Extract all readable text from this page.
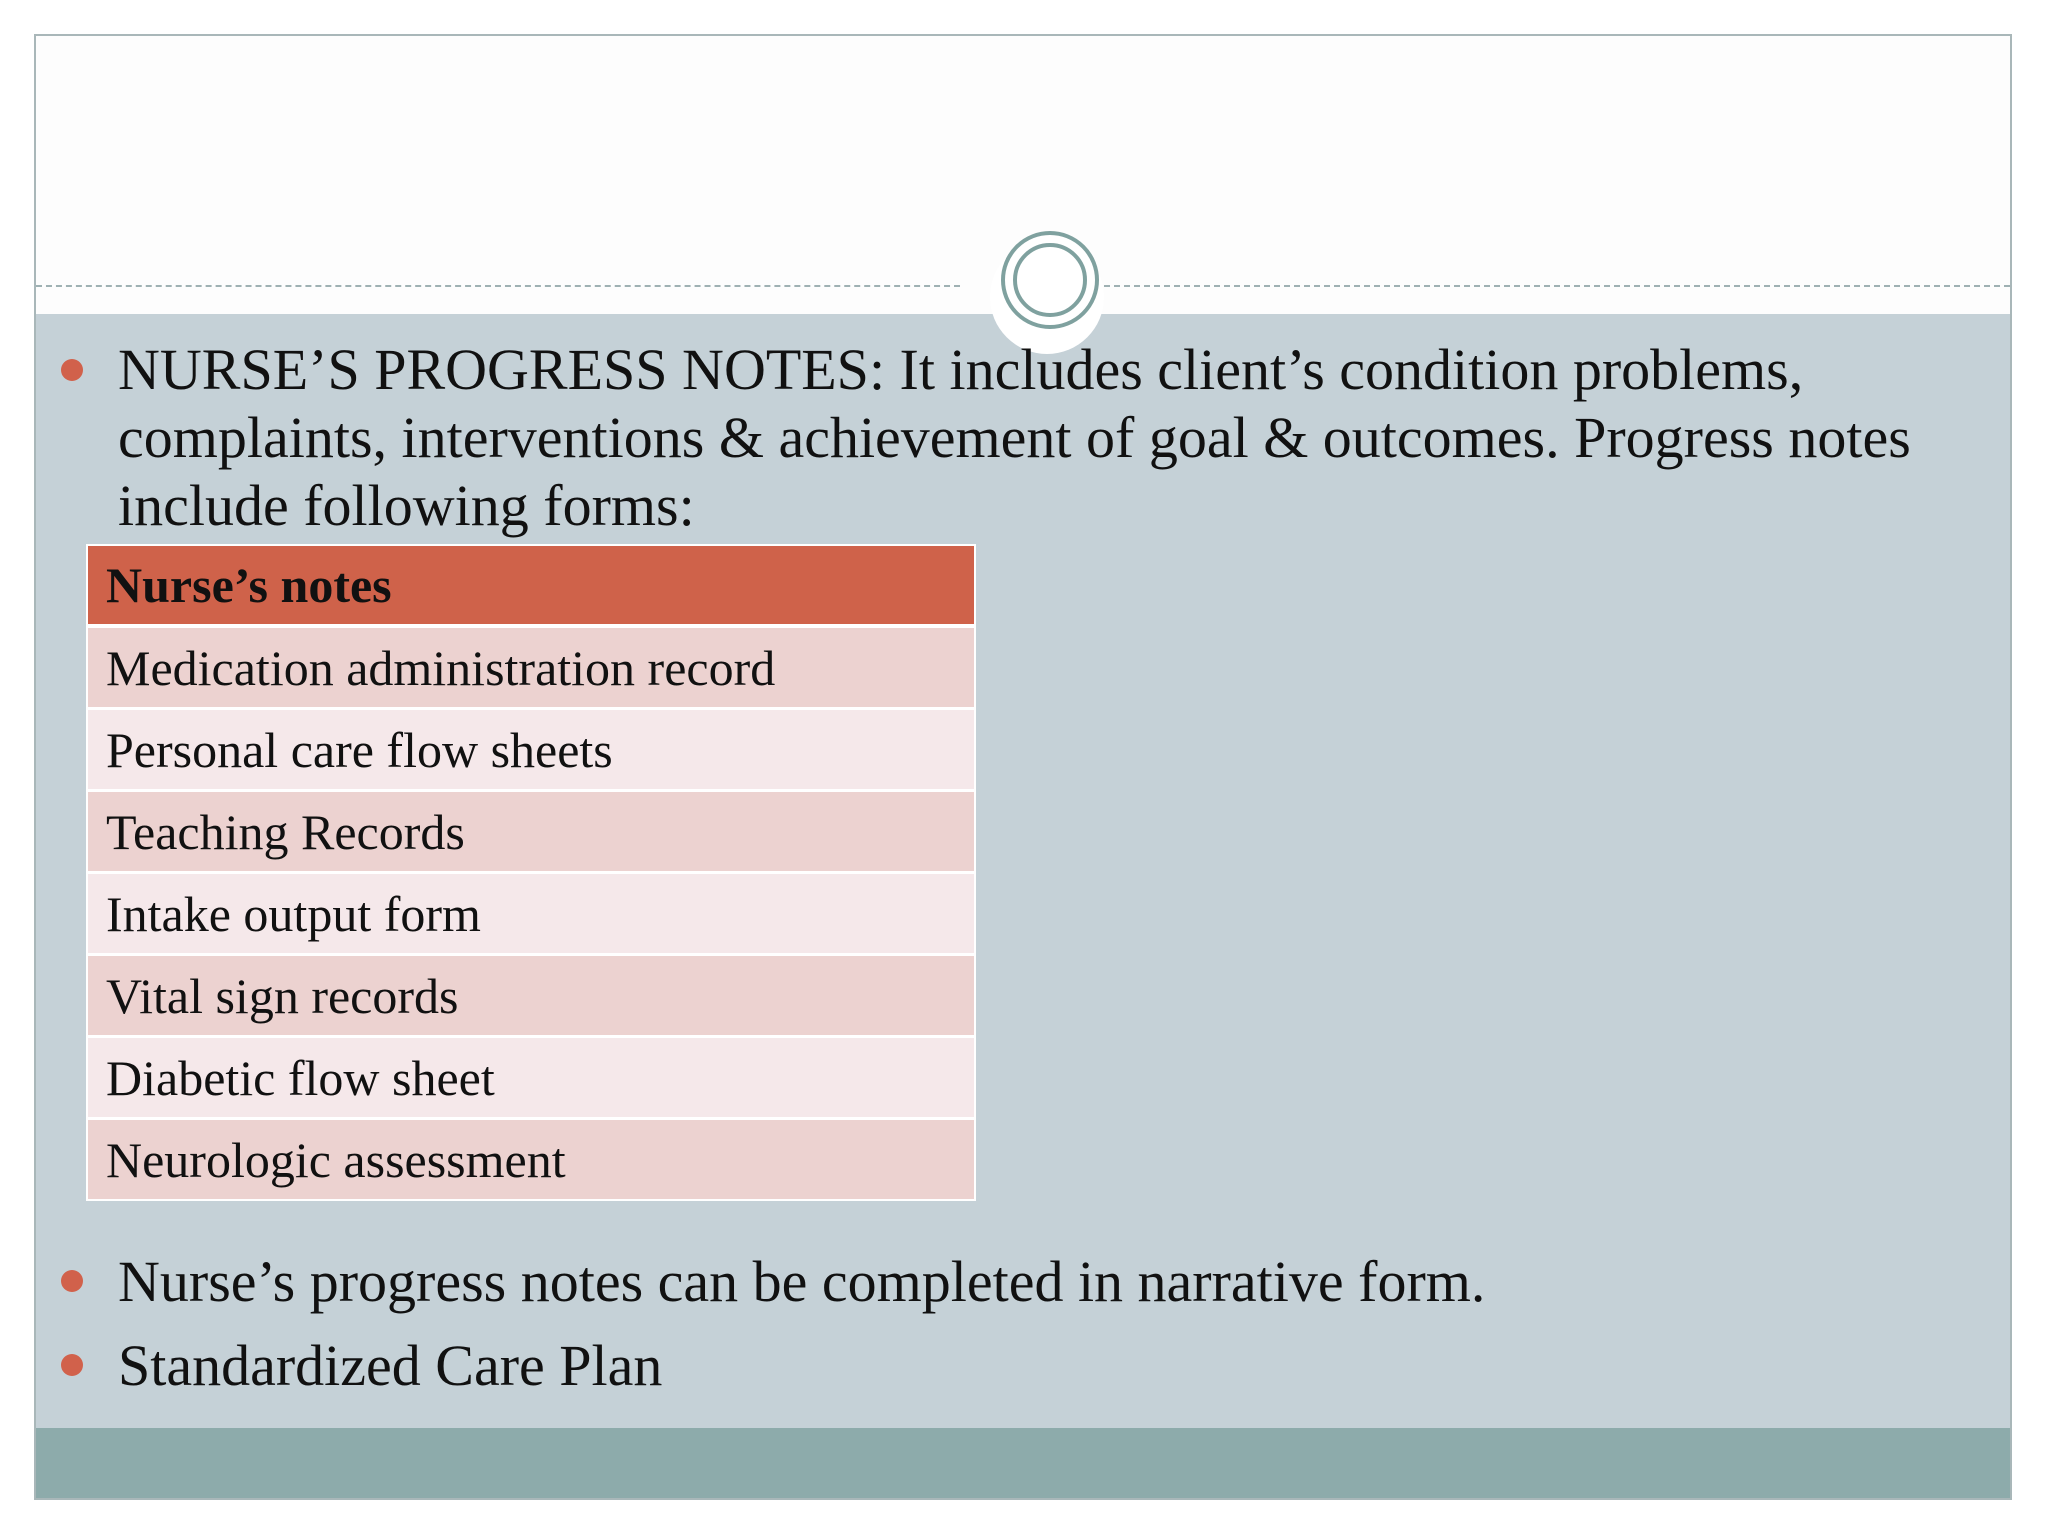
NURSE’S PROGRESS NOTES: It includes client’s condition problems, complaints, interventions & achievement of goal & outcomes. Progress notes include following forms:
Nurse’s notes
Medication administration record
Personal care flow sheets
Teaching Records
Intake output form
Vital sign records
Diabetic flow sheet
Neurologic assessment
Nurse’s progress notes can be completed in narrative form.
Standardized Care Plan
